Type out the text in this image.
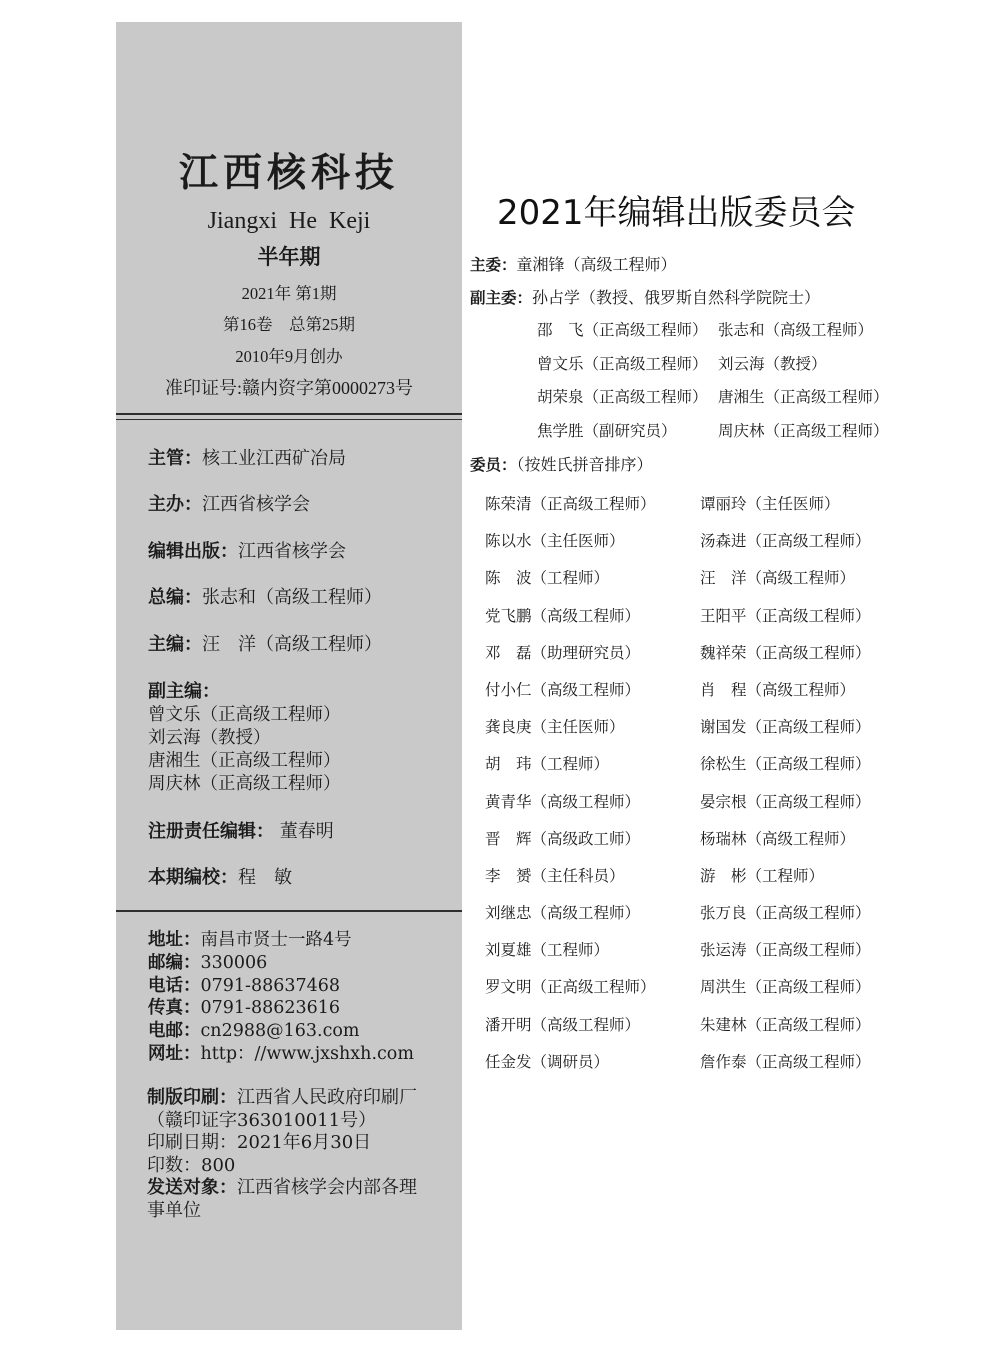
江西核科技
Jiangxi He Keji
半年期
2021年 第1期
第16卷　总第25期
2010年9月创办
准印证号:赣内资字第0000273号
主管：核工业江西矿冶局
主办：江西省核学会
编辑出版：江西省核学会
总编：张志和（高级工程师）
主编：汪　洋（高级工程师）
副主编：
曾文乐（正高级工程师）
刘云海（教授）
唐湘生（正高级工程师）
周庆林（正高级工程师）
注册责任编辑： 董春明
本期编校：程　敏
地址：南昌市贤士一路4号
邮编：330006
电话：0791-88637468
传真：0791-88623616
电邮：cn2988@163.com
网址：http：//www.jxshxh.com
制版印刷：江西省人民政府印刷厂
（赣印证字363010011号）
印刷日期：2021年6月30日
印数：800
发送对象：江西省核学会内部各理事单位
2021年编辑出版委员会
主委：童湘锋（高级工程师）
副主委：孙占学（教授、俄罗斯自然科学院院士）
邵　飞（正高级工程师） 张志和（高级工程师）
曾文乐（正高级工程师） 刘云海（教授）
胡荣泉（正高级工程师） 唐湘生（正高级工程师）
焦学胜（副研究员）	周庆林（正高级工程师）
委员：（按姓氏拼音排序）
陈荣清（正高级工程师）	谭丽玲（主任医师）
陈以水（主任医师）	汤森进（正高级工程师）
陈　波（工程师）	汪　洋（高级工程师）
党飞鹏（高级工程师）	王阳平（正高级工程师）
邓　磊（助理研究员）	魏祥荣（正高级工程师）
付小仁（高级工程师）	肖　程（高级工程师）
龚良庚（主任医师）	谢国发（正高级工程师）
胡　玮（工程师）	徐松生（正高级工程师）
黄青华（高级工程师）	晏宗根（正高级工程师）
晋　辉（高级政工师）	杨瑞林（高级工程师）
李　赟（主任科员）	游　彬（工程师）
刘继忠（高级工程师）	张万良（正高级工程师）
刘夏雄（工程师）	张运涛（正高级工程师）
罗文明（正高级工程师）	周洪生（正高级工程师）
潘开明（高级工程师）	朱建林（正高级工程师）
任金发（调研员）	詹作泰（正高级工程师）
